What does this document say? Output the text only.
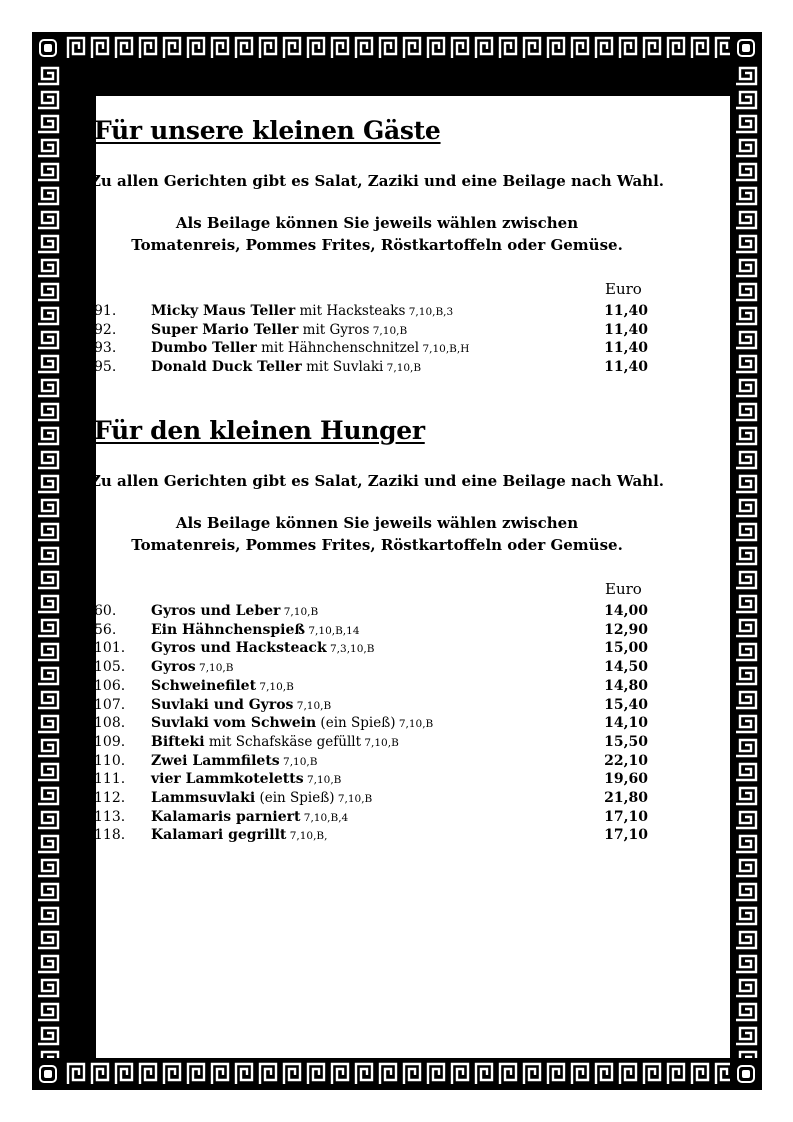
Für unsere kleinen Gäste

Zu allen Gerichten gibt es Salat, Zaziki und eine Beilage nach Wahl.

Als Beilage können Sie jeweils wählen zwischen

Tomatenreis, Pommes Frites, Röstkartoffeln oder Gemüse.

Euro
91. Micky Maus Teller mit Hacksteaks 7,10,B,3	11,40
92. Super Mario Teller mit Gyros 7,10,B	11,40
93. Dumbo Teller mit Hähnchenschnitzel 7,10,B,H	11,40
95. Donald Duck Teller mit Suvlaki 7,10,B	11,40
Für den kleinen Hunger

Zu allen Gerichten gibt es Salat, Zaziki und eine Beilage nach Wahl.

Als Beilage können Sie jeweils wählen zwischen

Tomatenreis, Pommes Frites, Röstkartoffeln oder Gemüse.

Euro
60. Gyros und Leber 7,10,B	14,00
56. Ein Hähnchenspieß 7,10,B,14	12,90
101. Gyros und Hacksteack 7,3,10,B	15,00
105. Gyros 7,10,B	14,50
106. Schweinefilet 7,10,B	14,80
107. Suvlaki und Gyros 7,10,B	15,40
108. Suvlaki vom Schwein (ein Spieß) 7,10,B	14,10
109. Bifteki mit Schafskäse gefüllt 7,10,B	15,50
110. Zwei Lammfilets 7,10,B	22,10
111. vier Lammkoteletts 7,10,B	19,60
112. Lammsuvlaki (ein Spieß) 7,10,B	21,80
113. Kalamaris parniert 7,10,B,4	17,10
118. Kalamari gegrillt 7,10,B,	17,10
